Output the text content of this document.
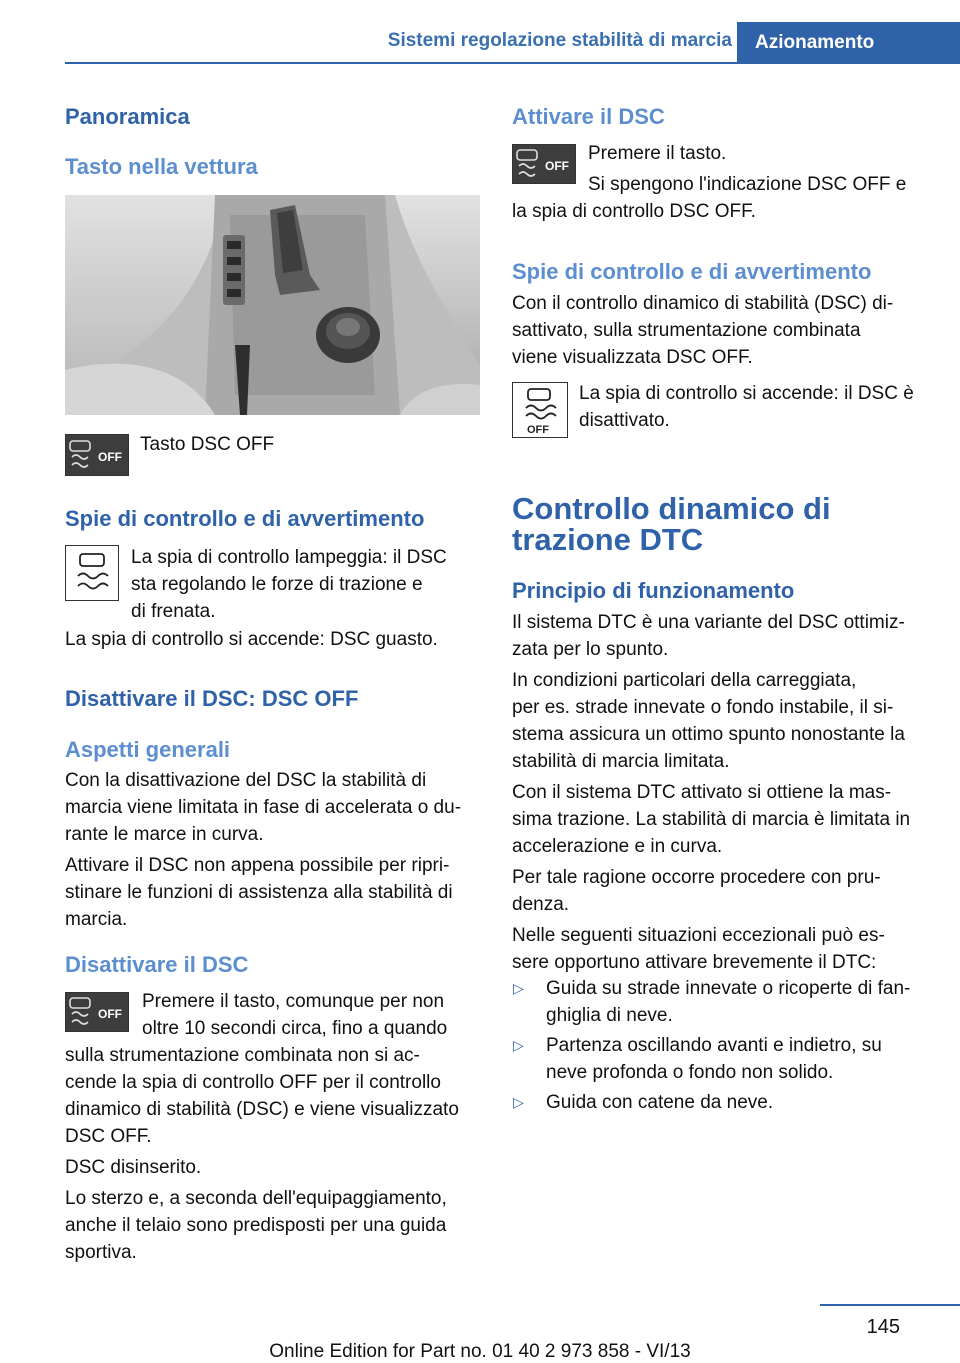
Sistemi regolazione stabilità di marcia	Azionamento
Panoramica
Tasto nella vettura
OFF
Tasto DSC OFF
Spie di controllo e di avvertimento
La spia di controllo lampeggia: il DSC
sta regolando le forze di trazione e
di frenata.
La spia di controllo si accende: DSC guasto.
Disattivare il DSC: DSC OFF
Aspetti generali
Con la disattivazione del DSC la stabilità di
marcia viene limitata in fase di accelerata o du‐
rante le marce in curva.
Attivare il DSC non appena possibile per ripri‐
stinare le funzioni di assistenza alla stabilità di
marcia.
Disattivare il DSC
OFF
Premere il tasto, comunque per non
oltre 10 secondi circa, fino a quando
sulla strumentazione combinata non si ac‐
cende la spia di controllo OFF per il controllo
dinamico di stabilità (DSC) e viene visualizzato
DSC OFF.
DSC disinserito.
Lo sterzo e, a seconda dell'equipaggiamento,
anche il telaio sono predisposti per una guida
sportiva.
Attivare il DSC
OFF
Premere il tasto.
Si spengono l'indicazione DSC OFF e
la spia di controllo DSC OFF.
Spie di controllo e di avvertimento
Con il controllo dinamico di stabilità (DSC) di‐
sattivato, sulla strumentazione combinata
viene visualizzata DSC OFF.
OFF
La spia di controllo si accende: il DSC è
disattivato.
Controllo dinamico di
trazione DTC
Principio di funzionamento
Il sistema DTC è una variante del DSC ottimiz‐
zata per lo spunto.
In condizioni particolari della carreggiata,
per es. strade innevate o fondo instabile, il si‐
stema assicura un ottimo spunto nonostante la
stabilità di marcia limitata.
Con il sistema DTC attivato si ottiene la mas‐
sima trazione. La stabilità di marcia è limitata in
accelerazione e in curva.
Per tale ragione occorre procedere con pru‐
denza.
Nelle seguenti situazioni eccezionali può es‐
sere opportuno attivare brevemente il DTC:
▷ Guida su strade innevate o ricoperte di fan‐
ghiglia di neve.
▷ Partenza oscillando avanti e indietro, su
neve profonda o fondo non solido.
▷ Guida con catene da neve.
145
Online Edition for Part no. 01 40 2 973 858 - VI/13
